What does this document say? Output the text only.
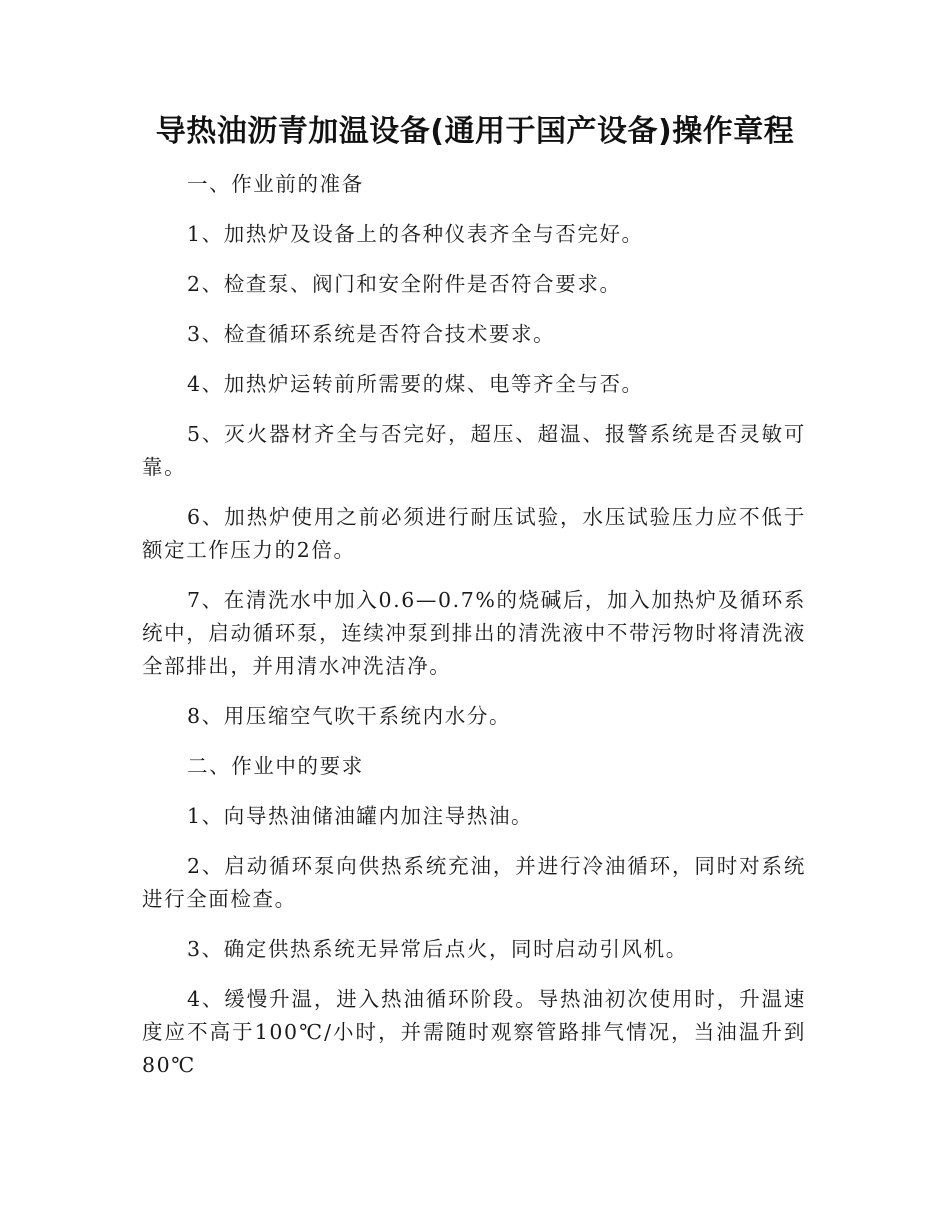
导热油沥青加温设备(通用于国产设备)操作章程

一、作业前的准备

1、加热炉及设备上的各种仪表齐全与否完好。

2、检查泵、阀门和安全附件是否符合要求。

3、检查循环系统是否符合技术要求。

4、加热炉运转前所需要的煤、电等齐全与否。

5、灭火器材齐全与否完好，超压、超温、报警系统是否灵敏可靠。

6、加热炉使用之前必须进行耐压试验，水压试验压力应不低于额定工作压力的2倍。

7、在清洗水中加入0.6—0.7%的烧碱后，加入加热炉及循环系统中，启动循环泵，连续冲泵到排出的清洗液中不带污物时将清洗液全部排出，并用清水冲洗洁净。

8、用压缩空气吹干系统内水分。

二、作业中的要求

1、向导热油储油罐内加注导热油。

2、启动循环泵向供热系统充油，并进行冷油循环，同时对系统进行全面检查。

3、确定供热系统无异常后点火，同时启动引风机。

4、缓慢升温，进入热油循环阶段。导热油初次使用时，升温速度应不高于100℃/小时，并需随时观察管路排气情况，当油温升到80℃
